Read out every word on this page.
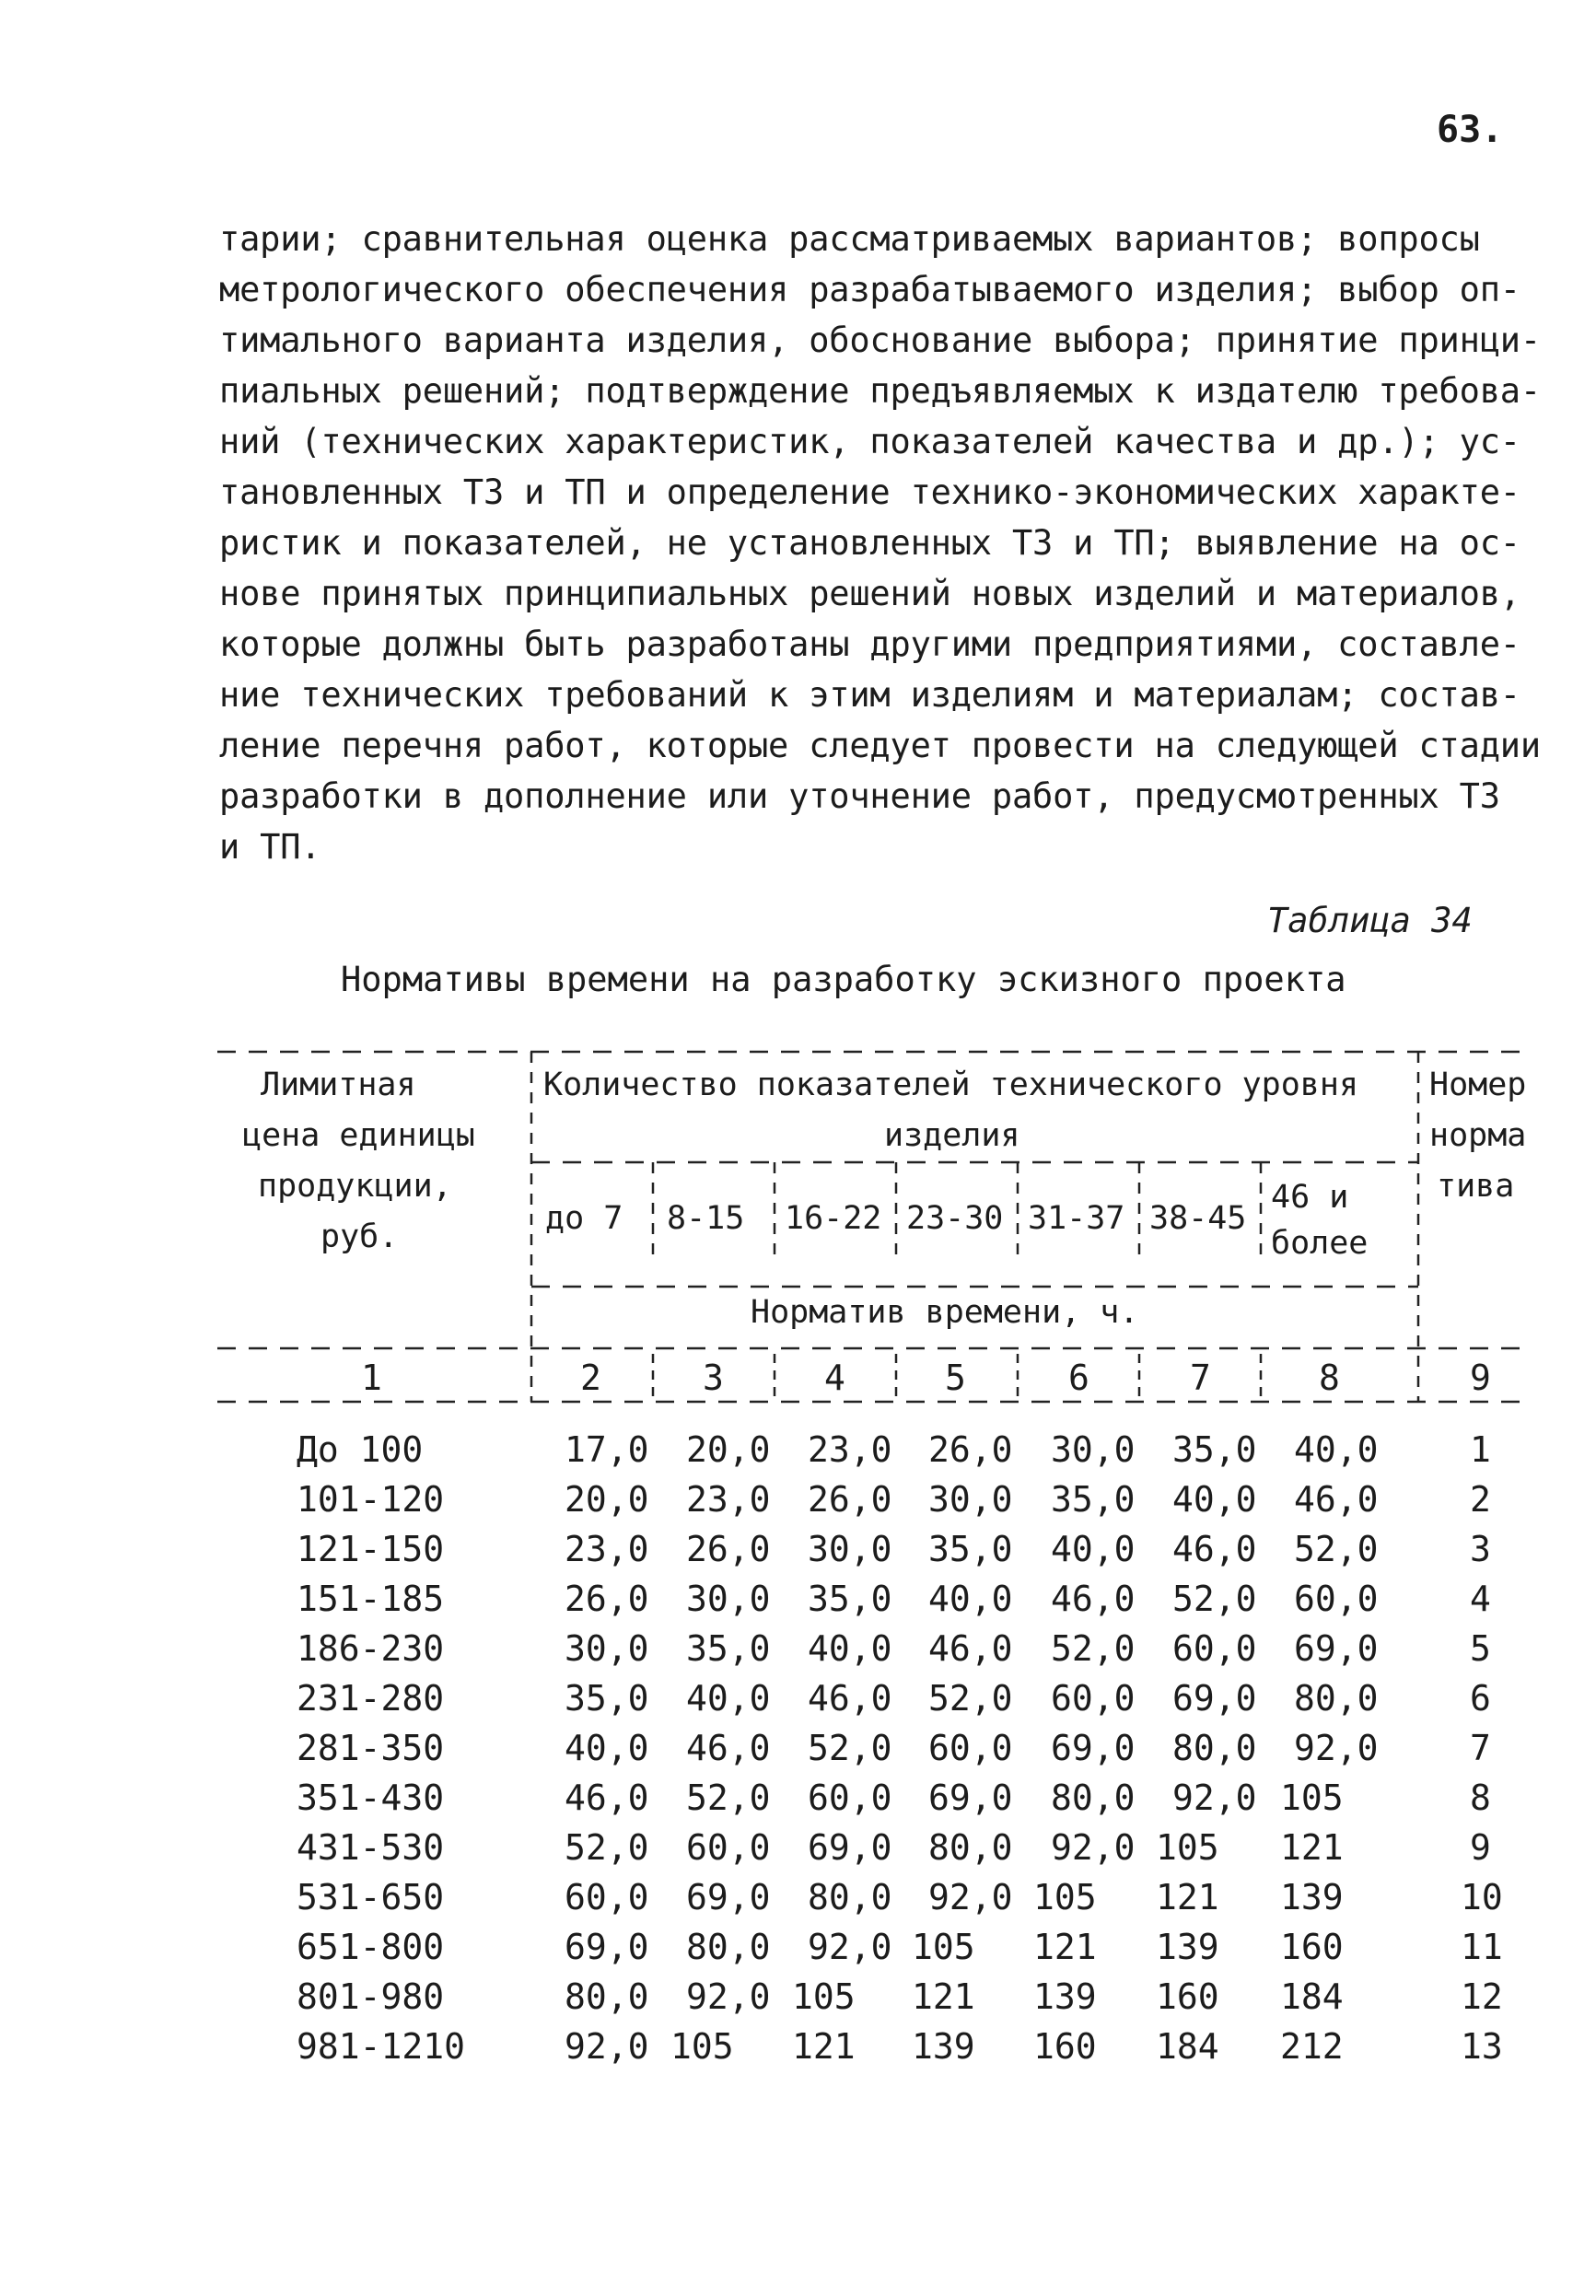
63.
тарии; сравнительная оценка рассматриваемых вариантов; вопросы
метрологического обеспечения разрабатываемого изделия; выбор оп-
тимального варианта изделия, обоснование выбора; принятие принци-
пиальных решений; подтверждение предъявляемых к издателю требова-
ний (технических характеристик, показателей качества и др.); ус-
тановленных ТЗ и ТП и определение технико-экономических характе-
ристик и показателей, не установленных ТЗ и ТП; выявление на ос-
нове принятых принципиальных решений новых изделий и материалов,
которые должны быть разработаны другими предприятиями, составле-
ние технических требований к этим изделиям и материалам; состав-
ление перечня работ, которые следует провести на следующей стадии
разработки в дополнение или уточнение работ, предусмотренных ТЗ
и ТП.
Таблица 34
Нормативы времени на разработку эскизного проекта
Лимитная
цена единицы
продукции,
руб.
Количество показателей технического уровня
изделия
до 7 8-15 16-22 23-30 31-37 38-45
46 и
более
Норматив времени, ч.
Номер
норма
тива
1	2	3	4	5	6	7	8	9
До 100	17,0 20,0 23,0 26,0 30,0 35,0 40,0	1
101-120	20,0 23,0 26,0 30,0 35,0 40,0 46,0	2
121-150	23,0 26,0 30,0 35,0 40,0 46,0 52,0	3
151-185	26,0 30,0 35,0 40,0 46,0 52,0 60,0	4
186-230	30,0 35,0 40,0 46,0 52,0 60,0 69,0	5
231-280	35,0 40,0 46,0 52,0 60,0 69,0 80,0	6
281-350	40,0 46,0 52,0 60,0 69,0 80,0 92,0	7
351-430	46,0 52,0 60,0 69,0 80,0 92,0 105	8
431-530	52,0 60,0 69,0 80,0 92,0 105 121	9
531-650	60,0 69,0 80,0 92,0 105 121 139	10
651-800	69,0 80,0 92,0 105 121 139 160	11
801-980	80,0 92,0 105 121 139 160 184	12
981-1210	92,0 105 121 139 160 184 212	13
